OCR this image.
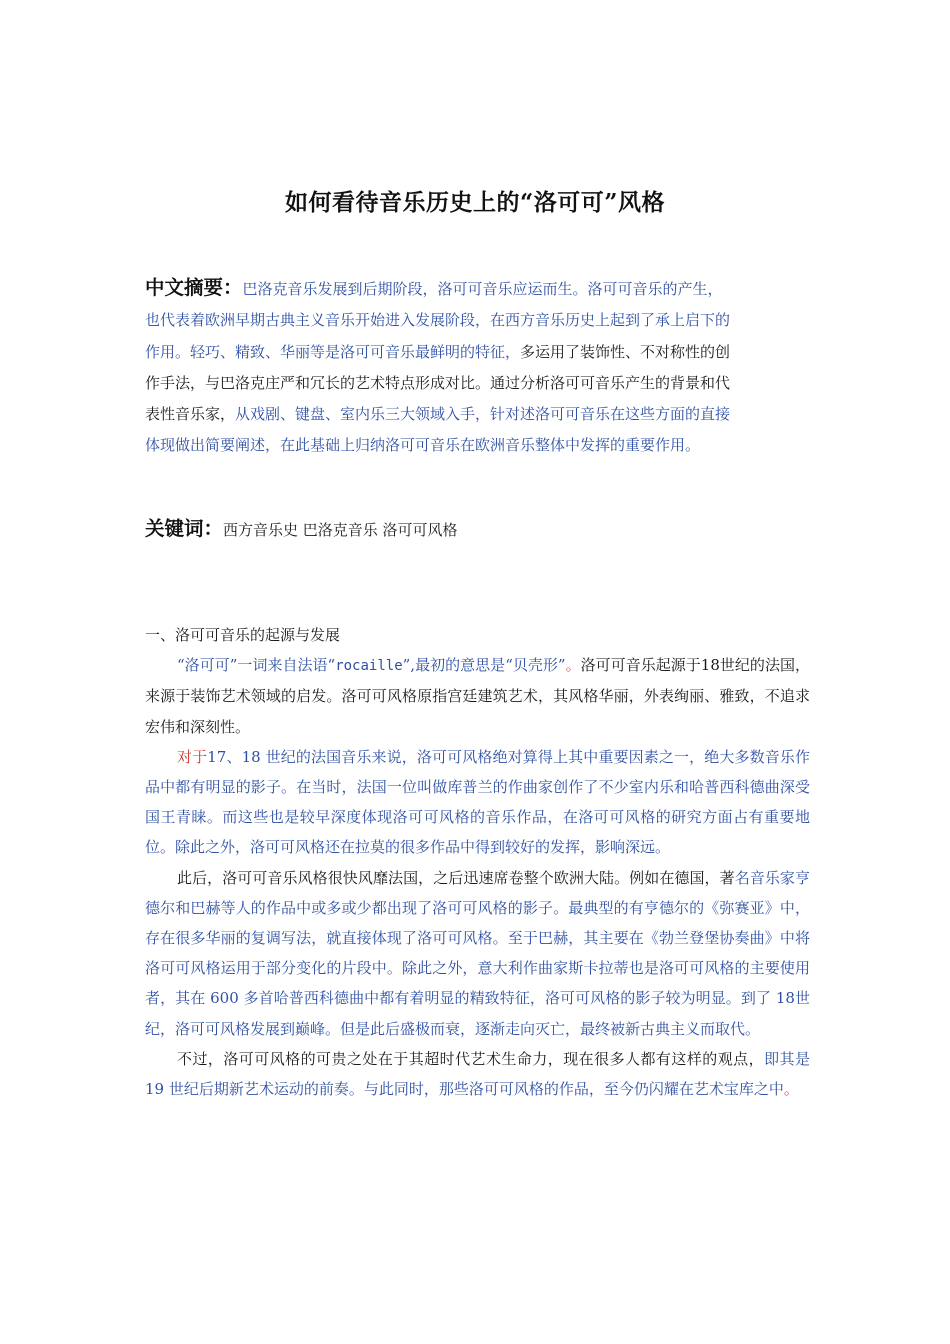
如何看待音乐历史上的“洛可可”风格
中文摘要：巴洛克音乐发展到后期阶段，洛可可音乐应运而生。洛可可音乐的产生，
也代表着欧洲早期古典主义音乐开始进入发展阶段，在西方音乐历史上起到了承上启下的
作用。轻巧、精致、华丽等是洛可可音乐最鲜明的特征，多运用了装饰性、不对称性的创
作手法，与巴洛克庄严和冗长的艺术特点形成对比。通过分析洛可可音乐产生的背景和代
表性音乐家，从戏剧、键盘、室内乐三大领域入手，针对述洛可可音乐在这些方面的直接
体现做出简要阐述，在此基础上归纳洛可可音乐在欧洲音乐整体中发挥的重要作用。
关键词：西方音乐史 巴洛克音乐 洛可可风格

一、洛可可音乐的起源与发展

“洛可可”一词来自法语“rocaille”,最初的意思是“贝壳形”。洛可可音乐起源于18世纪的法国，来源于装饰艺术领域的启发。洛可可风格原指宫廷建筑艺术，其风格华丽，外表绚丽、雅致，不追求宏伟和深刻性。

对于17、18 世纪的法国音乐来说，洛可可风格绝对算得上其中重要因素之一，绝大多数音乐作品中都有明显的影子。在当时，法国一位叫做库普兰的作曲家创作了不少室内乐和哈普西科德曲深受国王青睐。而这些也是较早深度体现洛可可风格的音乐作品，在洛可可风格的研究方面占有重要地位。除此之外，洛可可风格还在拉莫的很多作品中得到较好的发挥，影响深远。

此后，洛可可音乐风格很快风靡法国，之后迅速席卷整个欧洲大陆。例如在德国，著名音乐家亨德尔和巴赫等人的作品中或多或少都出现了洛可可风格的影子。最典型的有亨德尔的《弥赛亚》中，存在很多华丽的复调写法，就直接体现了洛可可风格。至于巴赫，其主要在《勃兰登堡协奏曲》中将洛可可风格运用于部分变化的片段中。除此之外，意大利作曲家斯卡拉蒂也是洛可可风格的主要使用者，其在 600 多首哈普西科德曲中都有着明显的精致特征，洛可可风格的影子较为明显。到了 18世纪，洛可可风格发展到巅峰。但是此后盛极而衰，逐渐走向灭亡，最终被新古典主义而取代。

不过，洛可可风格的可贵之处在于其超时代艺术生命力，现在很多人都有这样的观点，即其是19 世纪后期新艺术运动的前奏。与此同时，那些洛可可风格的作品，至今仍闪耀在艺术宝库之中。
